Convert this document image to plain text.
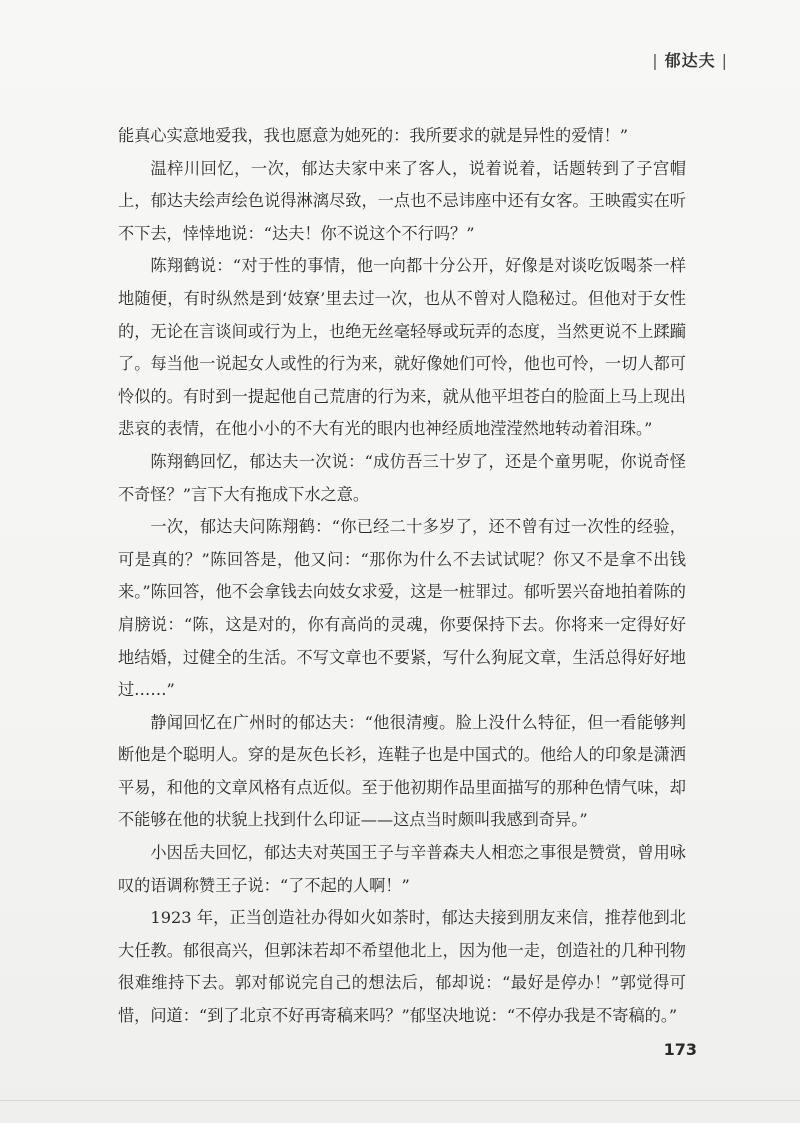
| 郁达夫 |

能真心实意地爱我，我也愿意为她死的：我所要求的就是异性的爱情！”

温梓川回忆，一次，郁达夫家中来了客人，说着说着，话题转到了子宫帽上，郁达夫绘声绘色说得淋漓尽致，一点也不忌讳座中还有女客。王映霞实在听不下去，悻悻地说：“达夫！你不说这个不行吗？”

陈翔鹤说：“对于性的事情，他一向都十分公开，好像是对谈吃饭喝茶一样地随便，有时纵然是到‘妓寮’里去过一次，也从不曾对人隐秘过。但他对于女性的，无论在言谈间或行为上，也绝无丝毫轻辱或玩弄的态度，当然更说不上蹂躏了。每当他一说起女人或性的行为来，就好像她们可怜，他也可怜，一切人都可怜似的。有时到一提起他自己荒唐的行为来，就从他平坦苍白的脸面上马上现出悲哀的表情，在他小小的不大有光的眼内也神经质地滢滢然地转动着泪珠。”

陈翔鹤回忆，郁达夫一次说：“成仿吾三十岁了，还是个童男呢，你说奇怪不奇怪？”言下大有拖成下水之意。

一次，郁达夫问陈翔鹤：“你已经二十多岁了，还不曾有过一次性的经验，可是真的？”陈回答是，他又问：“那你为什么不去试试呢？你又不是拿不出钱来。”陈回答，他不会拿钱去向妓女求爱，这是一桩罪过。郁听罢兴奋地拍着陈的肩膀说：“陈，这是对的，你有高尚的灵魂，你要保持下去。你将来一定得好好地结婚，过健全的生活。不写文章也不要紧，写什么狗屁文章，生活总得好好地过……”

静闻回忆在广州时的郁达夫：“他很清瘦。脸上没什么特征，但一看能够判断他是个聪明人。穿的是灰色长衫，连鞋子也是中国式的。他给人的印象是潇洒平易，和他的文章风格有点近似。至于他初期作品里面描写的那种色情气味，却不能够在他的状貌上找到什么印证——这点当时颇叫我感到奇异。”

小因岳夫回忆，郁达夫对英国王子与辛普森夫人相恋之事很是赞赏，曾用咏叹的语调称赞王子说：“了不起的人啊！”

1923 年，正当创造社办得如火如荼时，郁达夫接到朋友来信，推荐他到北大任教。郁很高兴，但郭沫若却不希望他北上，因为他一走，创造社的几种刊物很难维持下去。郭对郁说完自己的想法后，郁却说：“最好是停办！”郭觉得可惜，问道：“到了北京不好再寄稿来吗？”郁坚决地说：“不停办我是不寄稿的。”

173
